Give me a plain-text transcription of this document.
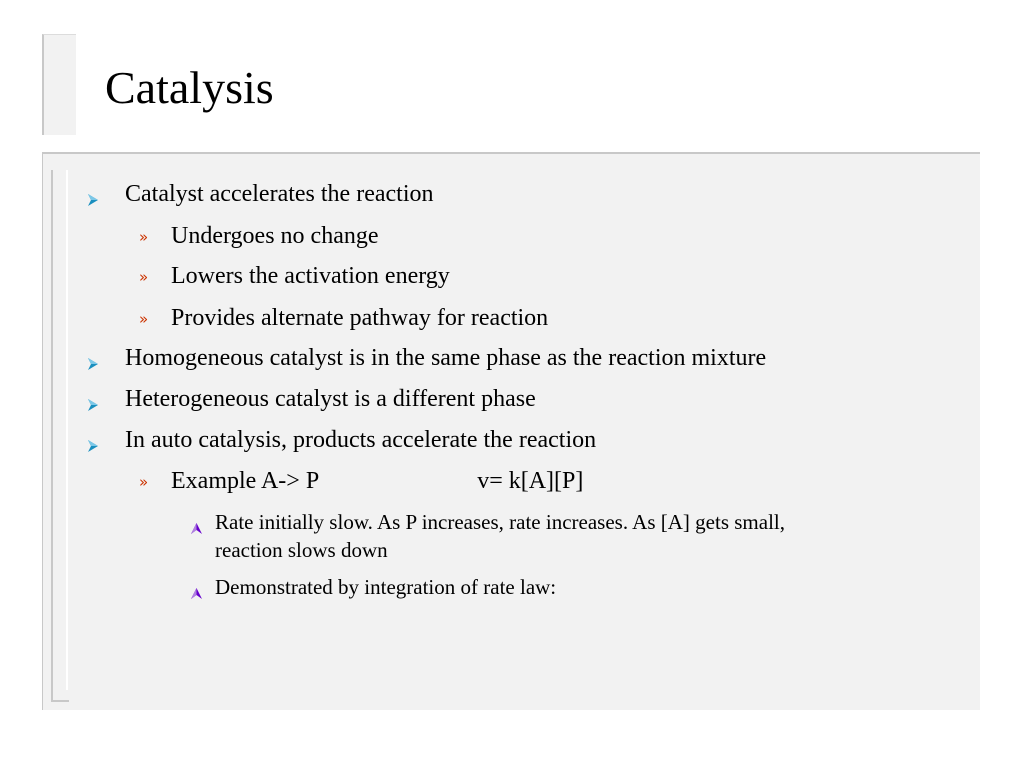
Catalysis
Catalyst accelerates the reaction
» Undergoes no change
» Lowers the activation energy
» Provides alternate pathway for reaction
Homogeneous catalyst is in the same phase as the reaction mixture
Heterogeneous catalyst is a different phase
In auto catalysis, products accelerate the reaction
» Example A-> P	v= k[A][P]
Rate initially slow. As P increases, rate increases. As [A] gets small,
reaction slows down
Demonstrated by integration of rate law:
